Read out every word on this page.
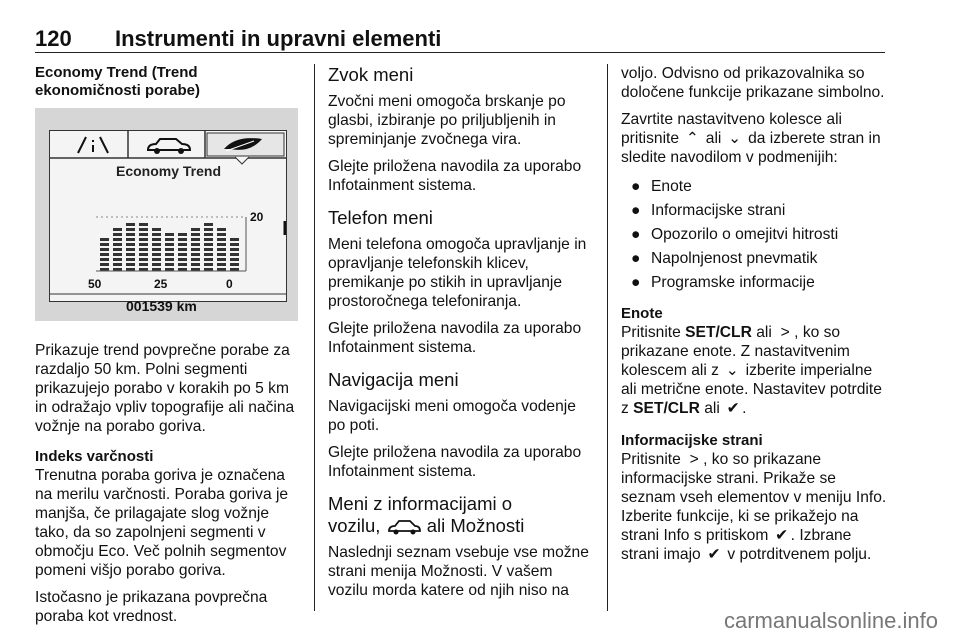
120 Instrumenti in upravni elementi
Economy Trend (Trend
ekonomičnosti porabe)
Economy Trend
20
50	25	0
001539 km

Prikazuje trend povprečne porabe za razdaljo 50 km. Polni segmenti prikazujejo porabo v korakih po 5 km in odražajo vpliv topografije ali načina vožnje na porabo goriva.

Indeks varčnosti

Trenutna poraba goriva je označena na merilu varčnosti. Poraba goriva je manjša, če prilagajate slog vožnje tako, da so zapolnjeni segmenti v območju Eco. Več polnih segmentov pomeni višjo porabo goriva.

Istočasno je prikazana povprečna poraba kot vrednost.

Zvok meni

Zvočni meni omogoča brskanje po glasbi, izbiranje po priljubljenih in spreminjanje zvočnega vira.

Glejte priložena navodila za uporabo Infotainment sistema.

Telefon meni

Meni telefona omogoča upravljanje in opravljanje telefonskih klicev, premikanje po stikih in upravljanje prostoročnega telefoniranja.

Glejte priložena navodila za uporabo Infotainment sistema.

Navigacija meni

Navigacijski meni omogoča vodenje po poti.

Glejte priložena navodila za uporabo Infotainment sistema.

Meni z informacijami o
vozilu,	ali Možnosti

Naslednji seznam vsebuje vse možne strani menija Možnosti. V vašem vozilu morda katere od njih niso na

voljo. Odvisno od prikazovalnika so določene funkcije prikazane simbolno.

Zavrtite nastavitveno kolesce ali pritisnite ⌃ ali ⌄ da izberete stran in sledite navodilom v podmenijih:

● Enote
● Informacijske strani
● Opozorilo o omejitvi hitrosti
● Napolnjenost pnevmatik
● Programske informacije
Enote

Pritisnite SET/CLR ali > , ko so prikazane enote. Z nastavitvenim kolescem ali z ⌄ izberite imperialne ali metrične enote. Nastavitev potrdite z SET/CLR ali ✔ .

Informacijske strani

Pritisnite > , ko so prikazane informacijske strani. Prikaže se seznam vseh elementov v meniju Info. Izberite funkcije, ki se prikažejo na strani Info s pritiskom ✔ . Izbrane strani imajo ✔ v potrditvenem polju.

carmanualsonline.info
